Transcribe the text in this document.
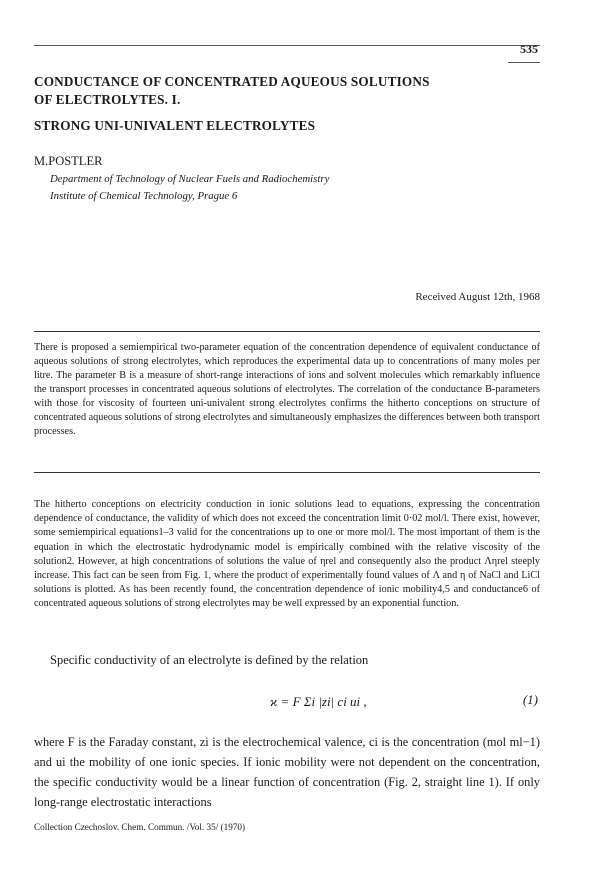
535
CONDUCTANCE OF CONCENTRATED AQUEOUS SOLUTIONS
OF ELECTROLYTES. I.
STRONG UNI-UNIVALENT ELECTROLYTES
M.POSTLER
Department of Technology of Nuclear Fuels and Radiochemistry
Institute of Chemical Technology, Prague 6
Received August 12th, 1968

There is proposed a semiempirical two-parameter equation of the concentration dependence of equivalent conductance of aqueous solutions of strong electrolytes, which reproduces the experimental data up to concentrations of many moles per litre. The parameter B is a measure of short-range interactions of ions and solvent molecules which remarkably influence the transport processes in concentrated aqueous solutions of electrolytes. The correlation of the conductance B-parameters with those for viscosity of fourteen uni-univalent strong electrolytes confirms the hitherto conceptions on structure of concentrated aqueous solutions of strong electrolytes and simultaneously emphasizes the differences between both transport processes.

The hitherto conceptions on electricity conduction in ionic solutions lead to equations, expressing the concentration dependence of conductance, the validity of which does not exceed the concentration limit 0·02 mol/l. There exist, however, some semiempirical equations1–3 valid for the concentrations up to one or more mol/l. The most important of them is the equation in which the electrostatic hydrodynamic model is empirically combined with the relative viscosity of the solution2. However, at high concentrations of solutions the value of ηrel and consequently also the product Ληrel steeply increase. This fact can be seen from Fig. 1, where the product of experimentally found values of Λ and η of NaCl and LiCl solutions is plotted. As has been recently found, the concentration dependence of ionic mobility4,5 and conductance6 of concentrated aqueous solutions of strong electrolytes may be well expressed by an exponential function.

Specific conductivity of an electrolyte is defined by the relation
ϰ = F Σi |zi| ci ui ,	(1)

where F is the Faraday constant, zi is the electrochemical valence, ci is the concentration (mol ml−1) and ui the mobility of one ionic species. If ionic mobility were not dependent on the concentration, the specific conductivity would be a linear function of concentration (Fig. 2, straight line 1). If only long-range electrostatic interactions

Collection Czechoslov. Chem. Commun. /Vol. 35/ (1970)
